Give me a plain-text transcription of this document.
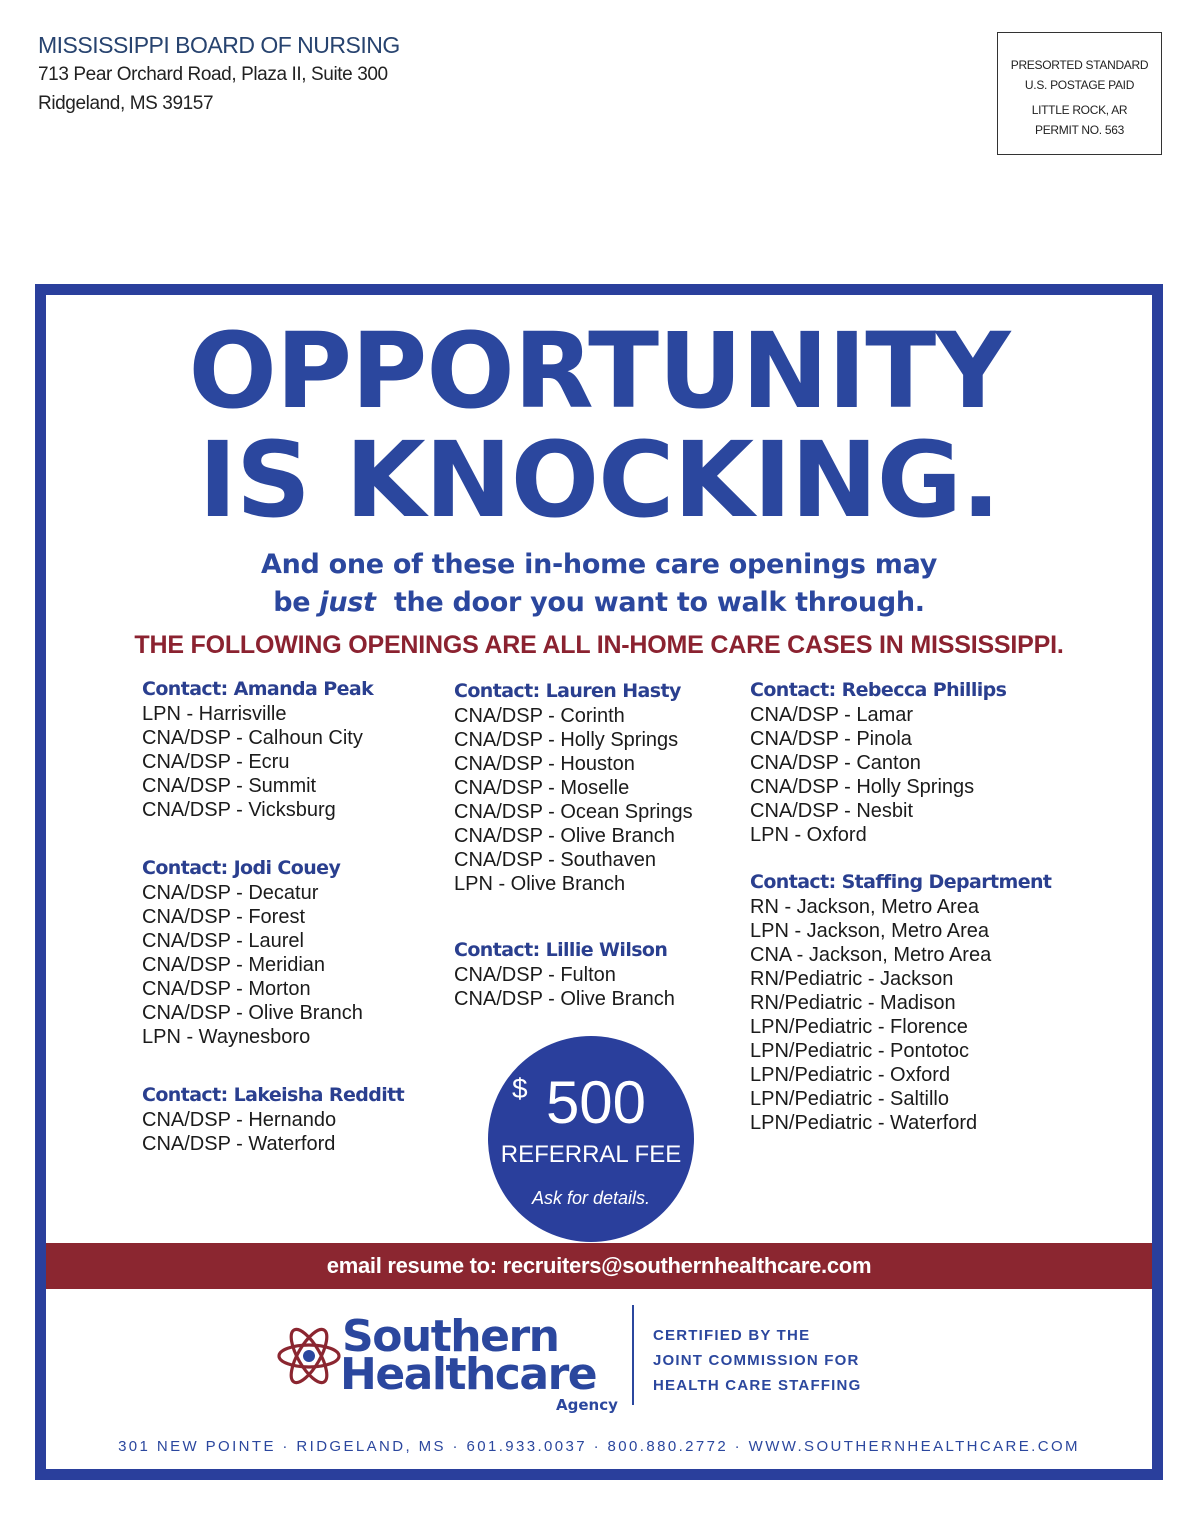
MISSISSIPPI BOARD OF NURSING
713 Pear Orchard Road, Plaza II, Suite 300
Ridgeland, MS 39157
PRESORTED STANDARD
U.S. POSTAGE PAID
LITTLE ROCK, AR
PERMIT NO. 563
OPPORTUNITY
IS KNOCKING.
And one of these in-home care openings may
be just  the door you want to walk through.
THE FOLLOWING OPENINGS ARE ALL IN-HOME CARE CASES IN MISSISSIPPI.
Contact: Amanda Peak
LPN - Harrisville
CNA/DSP - Calhoun City
CNA/DSP - Ecru
CNA/DSP - Summit
CNA/DSP - Vicksburg
Contact: Jodi Couey
CNA/DSP - Decatur
CNA/DSP - Forest
CNA/DSP - Laurel
CNA/DSP - Meridian
CNA/DSP - Morton
CNA/DSP - Olive Branch
LPN - Waynesboro
Contact: Lakeisha Redditt
CNA/DSP - Hernando
CNA/DSP - Waterford
Contact: Lauren Hasty
CNA/DSP - Corinth
CNA/DSP - Holly Springs
CNA/DSP - Houston
CNA/DSP - Moselle
CNA/DSP - Ocean Springs
CNA/DSP - Olive Branch
CNA/DSP - Southaven
LPN - Olive Branch
Contact: Lillie Wilson
CNA/DSP - Fulton
CNA/DSP - Olive Branch
Contact: Rebecca Phillips
CNA/DSP - Lamar
CNA/DSP - Pinola
CNA/DSP - Canton
CNA/DSP - Holly Springs
CNA/DSP - Nesbit
LPN - Oxford
Contact: Staffing Department
RN - Jackson, Metro Area
LPN - Jackson, Metro Area
CNA - Jackson, Metro Area
RN/Pediatric - Jackson
RN/Pediatric - Madison
LPN/Pediatric - Florence
LPN/Pediatric - Pontotoc
LPN/Pediatric - Oxford
LPN/Pediatric - Saltillo
LPN/Pediatric - Waterford
$ 500
REFERRAL FEE
Ask for details.
email resume to: recruiters@southernhealthcare.com
Southern
Healthcare
Agency
CERTIFIED BY THE
JOINT COMMISSION FOR
HEALTH CARE STAFFING
301 NEW POINTE · RIDGELAND, MS · 601.933.0037 · 800.880.2772 · WWW.SOUTHERNHEALTHCARE.COM
